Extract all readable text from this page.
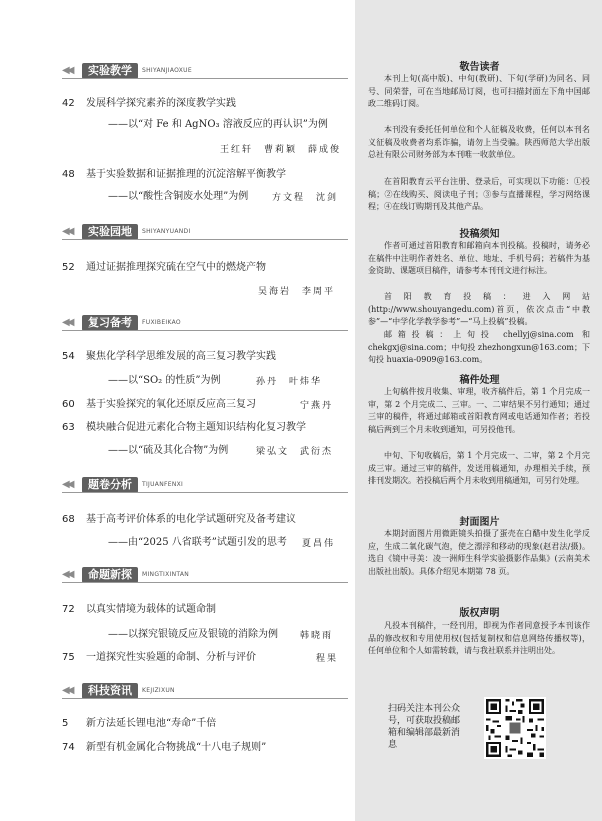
◀◀	实验教学	SHIYANJIAOXUE
42 发展科学探究素养的深度教学实践
——以“对 Fe 和 AgNO₃ 溶液反应的再认识”为例
王红轩　曹莉颖　薛成俊
48 基于实验数据和证据推理的沉淀溶解平衡教学
——以“酸性含铜废水处理”为例	方文程　沈剑
◀◀	实验园地	SHIYANYUANDI
52 通过证据推理探究硫在空气中的燃烧产物
吴海岩　李周平
◀◀	复习备考	FUXIBEIKAO
54 聚焦化学科学思维发展的高三复习教学实践
——以“SO₂ 的性质”为例	孙丹　叶炜华
60 基于实验探究的氧化还原反应高三复习	宁燕丹
63 模块融合促进元素化合物主题知识结构化复习教学
——以“硫及其化合物”为例	梁弘文　武衍杰
◀◀	题卷分析	TIJUANFENXI
68 基于高考评价体系的电化学试题研究及备考建议
——由“2025 八省联考”试题引发的思考	夏昌伟
◀◀	命题新探	MINGTIXINTAN
72 以真实情境为载体的试题命制
——以探究银镜反应及银镜的消除为例	韩晓雨
75 一道探究性实验题的命制、分析与评价	程果
◀◀	科技资讯	KEJIZIXUN
5 新方法延长锂电池“寿命”千倍
74 新型有机金属化合物挑战“十八电子规则”
敬告读者
本刊上旬(高中版)、中旬(教研)、下旬(学研)为同名、同号、同荣誉，可在当地邮局订阅，也可扫描封面左下角中国邮政二维码订阅。
本刊没有委托任何单位和个人征稿及收费，任何以本刊名义征稿及收费者均系诈骗，请勿上当受骗。陕西师范大学出版总社有限公司财务部为本刊唯一收款单位。
在首阳教育云平台注册、登录后，可实现以下功能：①投稿；②在线购买、阅读电子刊；③参与直播课程，学习网络课程；④在线订购期刊及其他产品。
投稿须知
作者可通过首阳教育和邮箱向本刊投稿。投稿时，请务必在稿件中注明作者姓名、单位、地址、手机号码；若稿件为基金资助、课题项目稿件，请参考本刊刊文进行标注。
首阳教育投稿：进入网站(http://www.shouyangedu.com)首页，依次点击“中教参”—“中学化学教学参考”—“马上投稿”投稿。
邮箱投稿：上旬投 chellyj@sina.com 和 chekgxj@sina.com；中旬投 zhezhongxun@163.com；下旬投 huaxia-0909@163.com。
稿件处理
上旬稿件按月收集、审理，收齐稿件后，第 1 个月完成一审，第 2 个月完成二、三审。一、二审结果不另行通知；通过三审的稿件，将通过邮箱或首阳教育网或电话通知作者；若投稿后两到三个月未收到通知，可另投他刊。
中旬、下旬收稿后，第 1 个月完成一、二审，第 2 个月完成三审。通过三审的稿件，发送用稿通知，办理相关手续，预排刊发期次。若投稿后两个月未收到用稿通知，可另行处理。
封面图片
本期封面图片用微距镜头拍摄了蛋壳在白醋中发生化学反应，生成二氧化碳气泡，使之漂浮和移动的现象(赵君法/摄)。选自《镜中寻美：凌一洲师生科学实验摄影作品集》(云南美术出版社出版)。具体介绍见本期第 78 页。
版权声明
凡投本刊稿件，一经刊用，即视为作者同意授予本刊该作品的修改权和专用使用权(包括复制权和信息网络传播权等)，任何单位和个人如需转载，请与我社联系并注明出处。
扫码关注本刊公众号，可获取投稿邮箱和编辑部最新消息
